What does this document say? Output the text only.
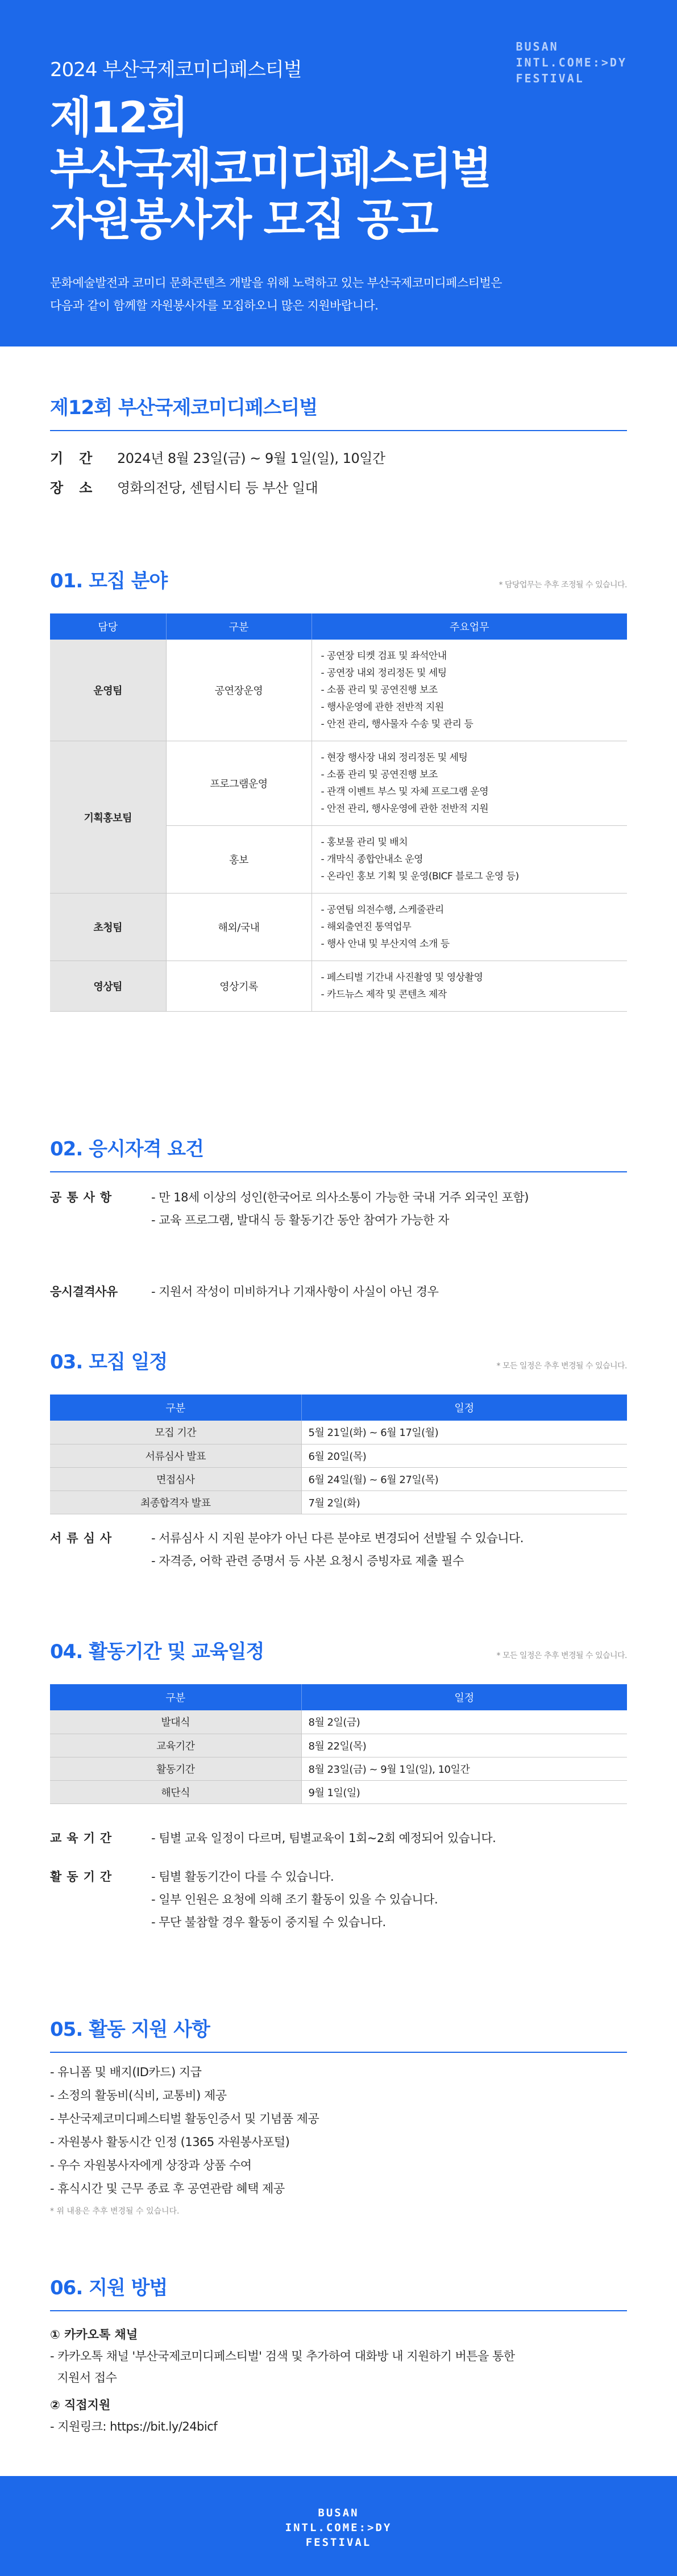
2024 부산국제코미디페스티벌
제12회
부산국제코미디페스티벌
자원봉사자 모집 공고
문화예술발전과 코미디 문화콘텐츠 개발을 위해 노력하고 있는 부산국제코미디페스티벌은
다음과 같이 함께할 자원봉사자를 모집하오니 많은 지원바랍니다.
BUSAN
INTL.COME:>DY
FESTIVAL
제12회 부산국제코미디페스티벌
기간 2024년 8월 23일(금) ~ 9월 1일(일), 10일간
장소 영화의전당, 센텀시티 등 부산 일대
01. 모집 분야	* 담당업무는 추후 조정될 수 있습니다.
담당	구분	주요업무
운영팀	공연장운영	- 공연장 티켓 검표 및 좌석안내
- 공연장 내외 정리정돈 및 세팅
- 소품 관리 및 공연진행 보조
- 행사운영에 관한 전반적 지원
- 안전 관리, 행사물자 수송 및 관리 등

기획홍보팀	프로그램운영	- 현장 행사장 내외 정리정돈 및 세팅
- 소품 관리 및 공연진행 보조
- 관객 이벤트 부스 및 자체 프로그램 운영
- 안전 관리, 행사운영에 관한 전반적 지원

	홍보	- 홍보물 관리 및 배치
- 개막식 종합안내소 운영
- 온라인 홍보 기획 및 운영(BICF 블로그 운영 등)

초청팀	해외/국내	- 공연팀 의전수행, 스케줄관리
- 해외출연진 통역업무
- 행사 안내 및 부산지역 소개 등

영상팀	영상기록	- 페스티벌 기간내 사진촬영 및 영상촬영
- 카드뉴스 제작 및 콘텐츠 제작
02. 응시자격 요건
공통사항	- 만 18세 이상의 성인(한국어로 의사소통이 가능한 국내 거주 외국인 포함)
- 교육 프로그램, 발대식 등 활동기간 동안 참여가 가능한 자
응시결격사유	- 지원서 작성이 미비하거나 기재사항이 사실이 아닌 경우
03. 모집 일정	* 모든 일정은 추후 변경될 수 있습니다.
구분	일정
모집 기간	5월 21일(화) ~ 6월 17일(월)
서류심사 발표	6월 20일(목)
면접심사	6월 24일(월) ~ 6월 27일(목)
최종합격자 발표	7월 2일(화)
서류심사	- 서류심사 시 지원 분야가 아닌 다른 분야로 변경되어 선발될 수 있습니다.
- 자격증, 어학 관련 증명서 등 사본 요청시 증빙자료 제출 필수
04. 활동기간 및 교육일정	* 모든 일정은 추후 변경될 수 있습니다.
구분	일정
발대식	8월 2일(금)
교육기간	8월 22일(목)
활동기간	8월 23일(금) ~ 9월 1일(일), 10일간
해단식	9월 1일(일)
교육기간	- 팀별 교육 일정이 다르며, 팀별교육이 1회~2회 예정되어 있습니다.
활동기간	- 팀별 활동기간이 다를 수 있습니다.
- 일부 인원은 요청에 의해 조기 활동이 있을 수 있습니다.
- 무단 불참할 경우 활동이 중지될 수 있습니다.
05. 활동 지원 사항
- 유니폼 및 배지(ID카드) 지급
- 소정의 활동비(식비, 교통비) 제공
- 부산국제코미디페스티벌 활동인증서 및 기념품 제공
- 자원봉사 활동시간 인정 (1365 자원봉사포털)
- 우수 자원봉사자에게 상장과 상품 수여
- 휴식시간 및 근무 종료 후 공연관람 혜택 제공
* 위 내용은 추후 변경될 수 있습니다.
06. 지원 방법
① 카카오톡 채널
- 카카오톡 채널 '부산국제코미디페스티벌' 검색 및 추가하여 대화방 내 지원하기 버튼을 통한
지원서 접수
② 직접지원
- 지원링크: https://bit.ly/24bicf
BUSAN
INTL.COME:>DY
FESTIVAL
